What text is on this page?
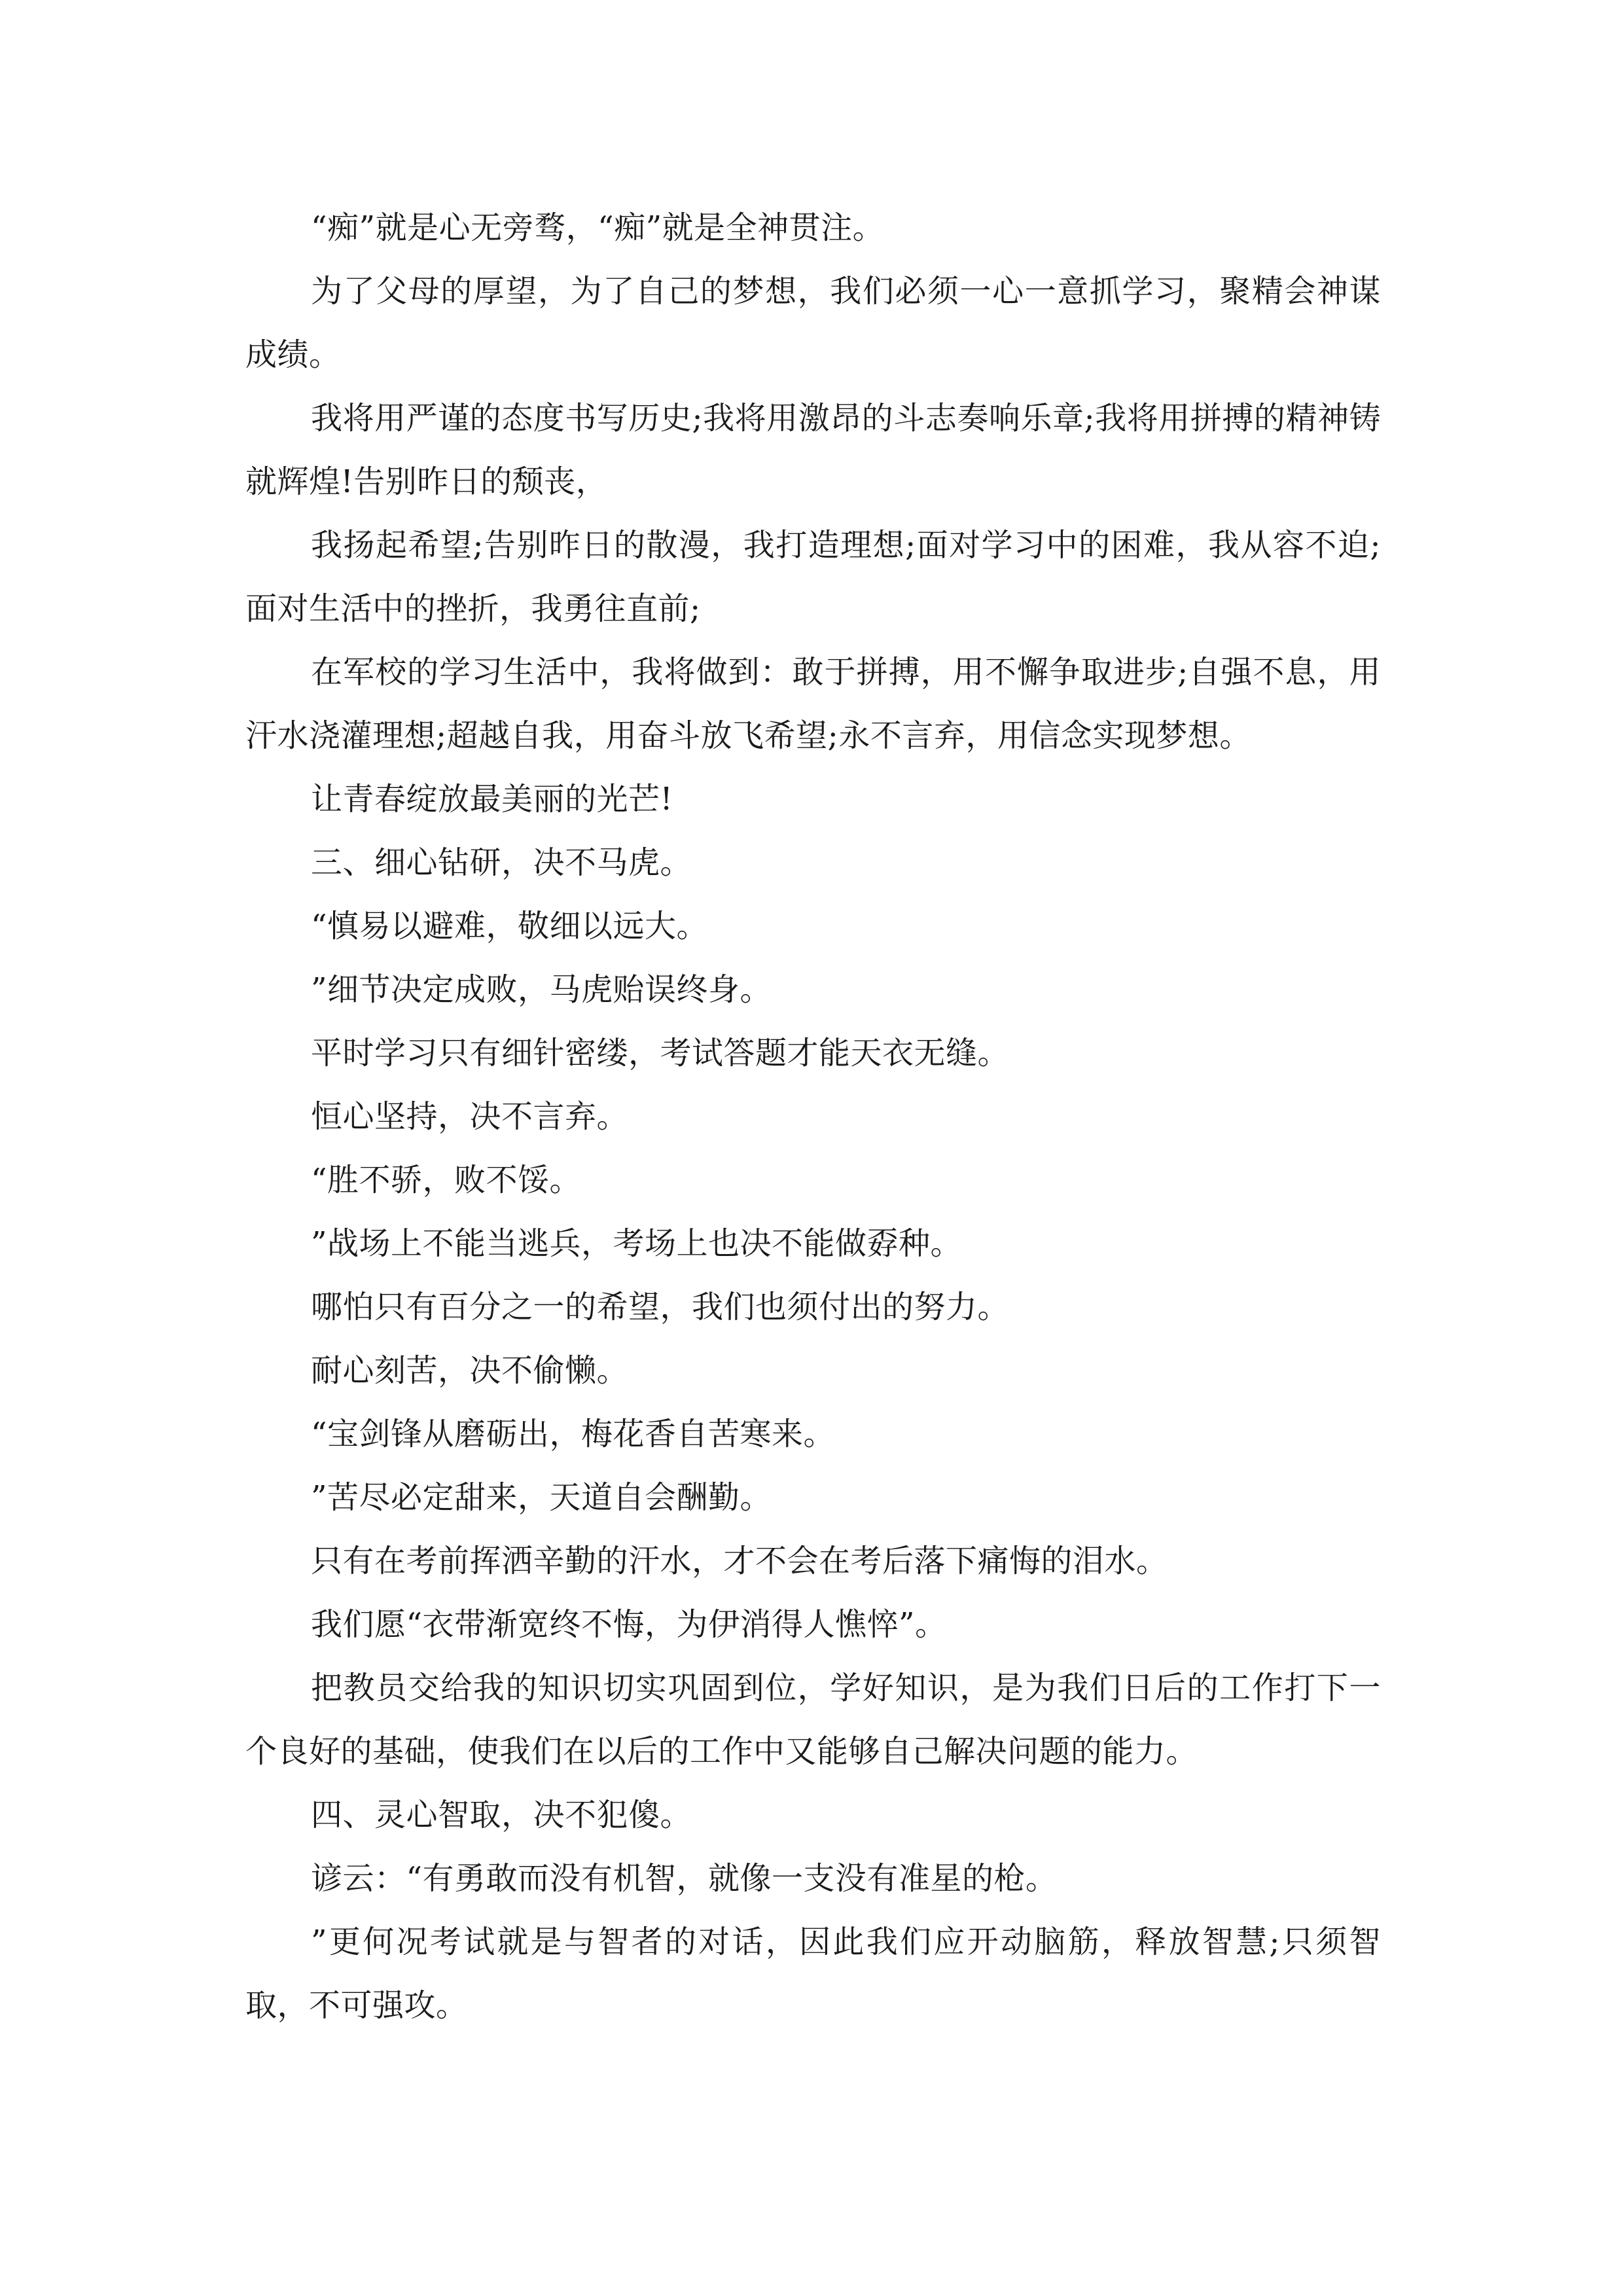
“痴”就是心无旁骛，“痴”就是全神贯注。

为了父母的厚望，为了自己的梦想，我们必须一心一意抓学习，聚精会神谋成绩。

我将用严谨的态度书写历史;我将用激昂的斗志奏响乐章;我将用拼搏的精神铸就辉煌!告别昨日的颓丧，

我扬起希望;告别昨日的散漫，我打造理想;面对学习中的困难，我从容不迫;面对生活中的挫折，我勇往直前;

在军校的学习生活中，我将做到：敢于拼搏，用不懈争取进步;自强不息，用汗水浇灌理想;超越自我，用奋斗放飞希望;永不言弃，用信念实现梦想。

让青春绽放最美丽的光芒!

三、细心钻研，决不马虎。

“慎易以避难，敬细以远大。

”细节决定成败，马虎贻误终身。

平时学习只有细针密缕，考试答题才能天衣无缝。

恒心坚持，决不言弃。

“胜不骄，败不馁。

”战场上不能当逃兵，考场上也决不能做孬种。

哪怕只有百分之一的希望，我们也须付出的努力。

耐心刻苦，决不偷懒。

“宝剑锋从磨砺出，梅花香自苦寒来。

”苦尽必定甜来，天道自会酬勤。

只有在考前挥洒辛勤的汗水，才不会在考后落下痛悔的泪水。

我们愿“衣带渐宽终不悔，为伊消得人憔悴”。

把教员交给我的知识切实巩固到位，学好知识，是为我们日后的工作打下一个良好的基础，使我们在以后的工作中又能够自己解决问题的能力。

四、灵心智取，决不犯傻。

谚云：“有勇敢而没有机智，就像一支没有准星的枪。

”更何况考试就是与智者的对话，因此我们应开动脑筋，释放智慧;只须智取，不可强攻。
